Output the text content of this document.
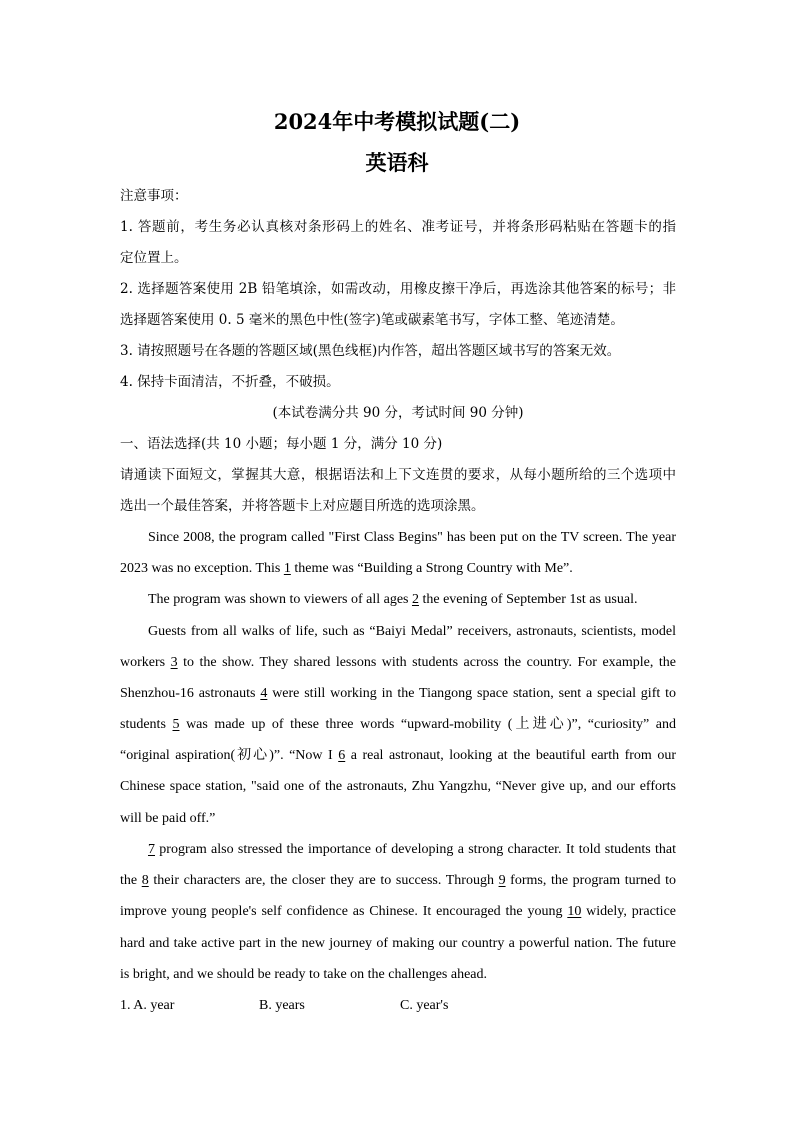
2024年中考模拟试题(二)
英语科
注意事项：
1. 答题前，考生务必认真核对条形码上的姓名、准考证号，并将条形码粘贴在答题卡的指
定位置上。
2. 选择题答案使用 2B 铅笔填涂，如需改动，用橡皮擦干净后，再选涂其他答案的标号；非
选择题答案使用 0. 5 毫米的黑色中性(签字)笔或碳素笔书写，字体工整、笔迹清楚。
3. 请按照题号在各题的答题区域(黑色线框)内作答，超出答题区域书写的答案无效。
4. 保持卡面清洁，不折叠，不破损。
(本试卷满分共 90 分，考试时间 90 分钟)
一、语法选择(共 10 小题；每小题 1 分，满分 10 分)
请通读下面短文，掌握其大意，根据语法和上下文连贯的要求，从每小题所给的三个选项中
选出一个最佳答案，并将答题卡上对应题目所选的选项涂黑。
Since 2008, the program called "First Class Begins" has been put on the TV screen. The year
2023 was no exception. This 1 theme was “Building a Strong Country with Me”.
The program was shown to viewers of all ages 2 the evening of September 1st as usual.
Guests from all walks of life, such as “Baiyi Medal” receivers, astronauts, scientists, model
workers 3 to the show. They shared lessons with students across the country. For example, the
Shenzhou-16 astronauts 4 were still working in the Tiangong space station, sent a special gift to
students 5 was made up of these three words “upward-mobility (上进心)”, “curiosity” and
“original aspiration(初心)”. “Now I 6 a real astronaut, looking at the beautiful earth from our
Chinese space station, "said one of the astronauts, Zhu Yangzhu, “Never give up, and our efforts
will be paid off.”
7 program also stressed the importance of developing a strong character. It told students that
the 8 their characters are, the closer they are to success. Through 9 forms, the program turned to
improve young people's self confidence as Chinese. It encouraged the young 10 widely, practice
hard and take active part in the new journey of making our country a powerful nation. The future
is bright, and we should be ready to take on the challenges ahead.
1. A. year	B. years	C. year's
